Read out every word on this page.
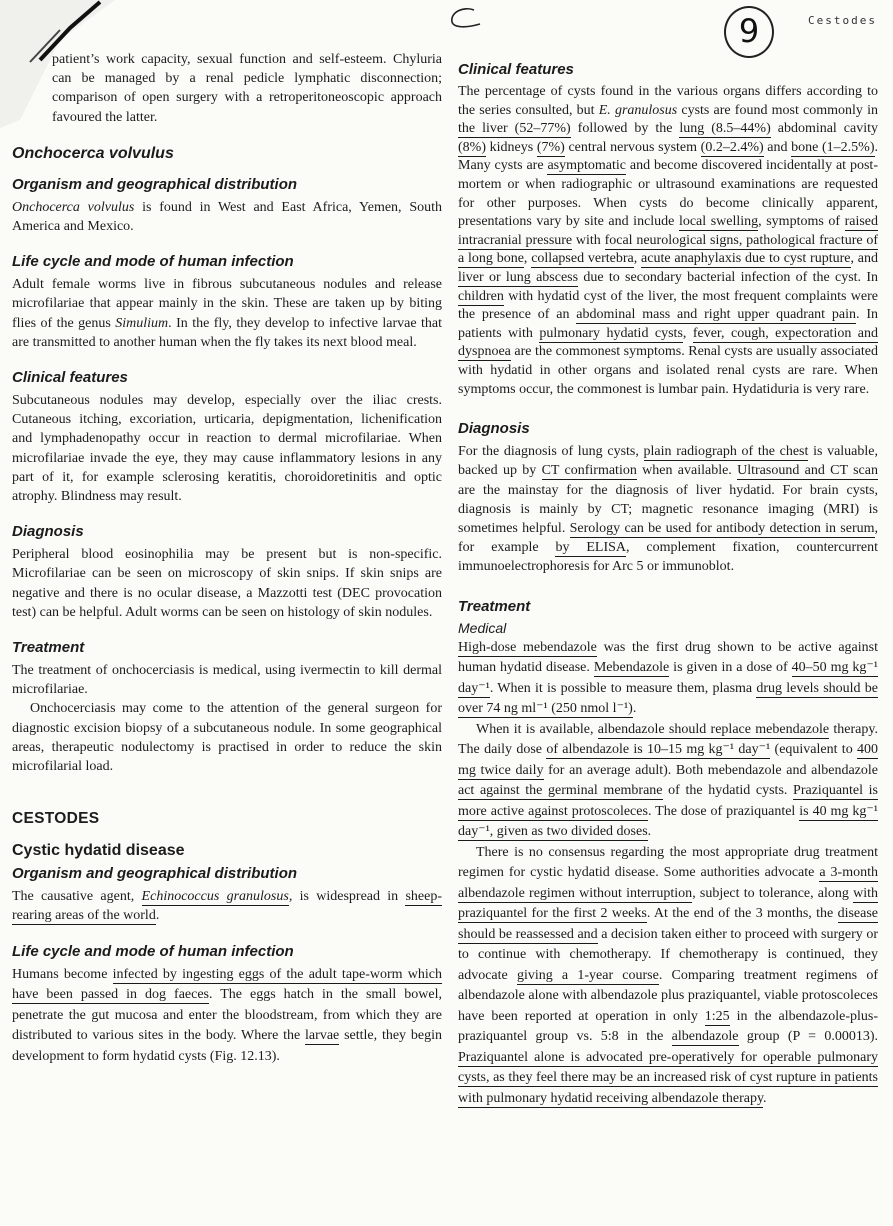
9	Cestodes

patient’s work capacity, sexual function and self-esteem. Chyluria can be managed by a renal pedicle lymphatic disconnection; comparison of open surgery with a retroperitoneoscopic approach favoured the latter.

Onchocerca volvulus
Organism and geographical distribution

Onchocerca volvulus is found in West and East Africa, Yemen, South America and Mexico.

Life cycle and mode of human infection

Adult female worms live in fibrous subcutaneous nodules and release microfilariae that appear mainly in the skin. These are taken up by biting flies of the genus Simulium. In the fly, they develop to infective larvae that are transmitted to another human when the fly takes its next blood meal.

Clinical features

Subcutaneous nodules may develop, especially over the iliac crests. Cutaneous itching, excoriation, urticaria, depigmentation, lichenification and lymphadenopathy occur in reaction to dermal microfilariae. When microfilariae invade the eye, they may cause inflammatory lesions in any part of it, for example sclerosing keratitis, choroidoretinitis and optic atrophy. Blindness may result.

Diagnosis

Peripheral blood eosinophilia may be present but is non-specific. Microfilariae can be seen on microscopy of skin snips. If skin snips are negative and there is no ocular disease, a Mazzotti test (DEC provocation test) can be helpful. Adult worms can be seen on histology of skin nodules.

Treatment

The treatment of onchocerciasis is medical, using ivermectin to kill dermal microfilariae.

Onchocerciasis may come to the attention of the general surgeon for diagnostic excision biopsy of a subcutaneous nodule. In some geographical areas, therapeutic nodulectomy is practised in order to reduce the skin microfilarial load.

CESTODES
Cystic hydatid disease
Organism and geographical distribution

The causative agent, Echinococcus granulosus, is widespread in sheep-rearing areas of the world.

Life cycle and mode of human infection

Humans become infected by ingesting eggs of the adult tape-worm which have been passed in dog faeces. The eggs hatch in the small bowel, penetrate the gut mucosa and enter the bloodstream, from which they are distributed to various sites in the body. Where the larvae settle, they begin development to form hydatid cysts (Fig. 12.13).

Clinical features

The percentage of cysts found in the various organs differs according to the series consulted, but E. granulosus cysts are found most commonly in the liver (52–77%) followed by the lung (8.5–44%) abdominal cavity (8%) kidneys (7%) central nervous system (0.2–2.4%) and bone (1–2.5%). Many cysts are asymptomatic and become discovered incidentally at post-mortem or when radiographic or ultrasound examinations are requested for other purposes. When cysts do become clinically apparent, presentations vary by site and include local swelling, symptoms of raised intracranial pressure with focal neurological signs, pathological fracture of a long bone, collapsed vertebra, acute anaphylaxis due to cyst rupture, and liver or lung abscess due to secondary bacterial infection of the cyst. In children with hydatid cyst of the liver, the most frequent complaints were the presence of an abdominal mass and right upper quadrant pain. In patients with pulmonary hydatid cysts, fever, cough, expectoration and dyspnoea are the commonest symptoms. Renal cysts are usually associated with hydatid in other organs and isolated renal cysts are rare. When symptoms occur, the commonest is lumbar pain. Hydatiduria is very rare.

Diagnosis

For the diagnosis of lung cysts, plain radiograph of the chest is valuable, backed up by CT confirmation when available. Ultrasound and CT scan are the mainstay for the diagnosis of liver hydatid. For brain cysts, diagnosis is mainly by CT; magnetic resonance imaging (MRI) is sometimes helpful. Serology can be used for antibody detection in serum, for example by ELISA, complement fixation, countercurrent immunoelectrophoresis for Arc 5 or immunoblot.

Treatment
Medical

High-dose mebendazole was the first drug shown to be active against human hydatid disease. Mebendazole is given in a dose of 40–50 mg kg⁻¹ day⁻¹. When it is possible to measure them, plasma drug levels should be over 74 ng ml⁻¹ (250 nmol l⁻¹).

When it is available, albendazole should replace mebendazole therapy. The daily dose of albendazole is 10–15 mg kg⁻¹ day⁻¹ (equivalent to 400 mg twice daily for an average adult). Both mebendazole and albendazole act against the germinal membrane of the hydatid cysts. Praziquantel is more active against protoscoleces. The dose of praziquantel is 40 mg kg⁻¹ day⁻¹, given as two divided doses.

There is no consensus regarding the most appropriate drug treatment regimen for cystic hydatid disease. Some authorities advocate a 3-month albendazole regimen without interruption, subject to tolerance, along with praziquantel for the first 2 weeks. At the end of the 3 months, the disease should be reassessed and a decision taken either to proceed with surgery or to continue with chemotherapy. If chemotherapy is continued, they advocate giving a 1-year course. Comparing treatment regimens of albendazole alone with albendazole plus praziquantel, viable protoscoleces have been reported at operation in only 1:25 in the albendazole-plus-praziquantel group vs. 5:8 in the albendazole group (P = 0.00013). Praziquantel alone is advocated pre-operatively for operable pulmonary cysts, as they feel there may be an increased risk of cyst rupture in patients with pulmonary hydatid receiving albendazole therapy.
